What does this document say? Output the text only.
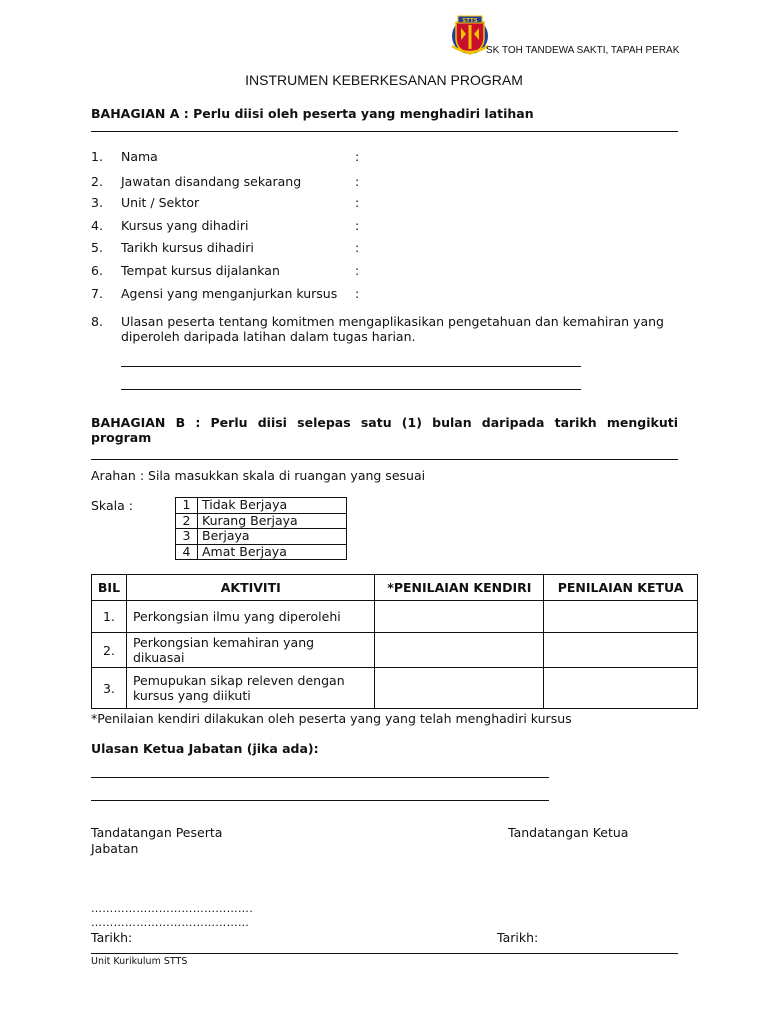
STTS
SK TOH TANDEWA SAKTI, TAPAH PERAK
INSTRUMEN KEBERKESANAN PROGRAM
BAHAGIAN A : Perlu diisi oleh peserta yang menghadiri latihan
1. Nama	:
2. Jawatan disandang sekarang	:
3. Unit / Sektor	:
4. Kursus yang dihadiri	:
5. Tarikh kursus dihadiri	:
6. Tempat kursus dijalankan	:
7. Agensi yang menganjurkan kursus :
8. Ulasan peserta tentang komitmen mengaplikasikan pengetahuan dan kemahiran yang diperoleh daripada latihan dalam tugas harian.
BAHAGIAN B : Perlu diisi selepas satu (1) bulan daripada tarikh mengikuti program
Arahan : Sila masukkan skala di ruangan yang sesuai
Skala :	1	Tidak Berjaya
2	Kurang Berjaya
3	Berjaya
4	Amat Berjaya
BIL	AKTIVITI	*PENILAIAN KENDIRI	PENILAIAN KETUA
1.	Perkongsian ilmu yang diperolehi		
2.	Perkongsian kemahiran yang dikuasai		
3.	Pemupukan sikap releven dengan kursus yang diikuti		
*Penilaian kendiri dilakukan oleh peserta yang yang telah menghadiri kursus
Ulasan Ketua Jabatan (jika ada):
Tandatangan Peserta
Jabatan
Tandatangan Ketua
…………………………………….
……………………………………
Tarikh:	Tarikh:
Unit Kurikulum STTS
